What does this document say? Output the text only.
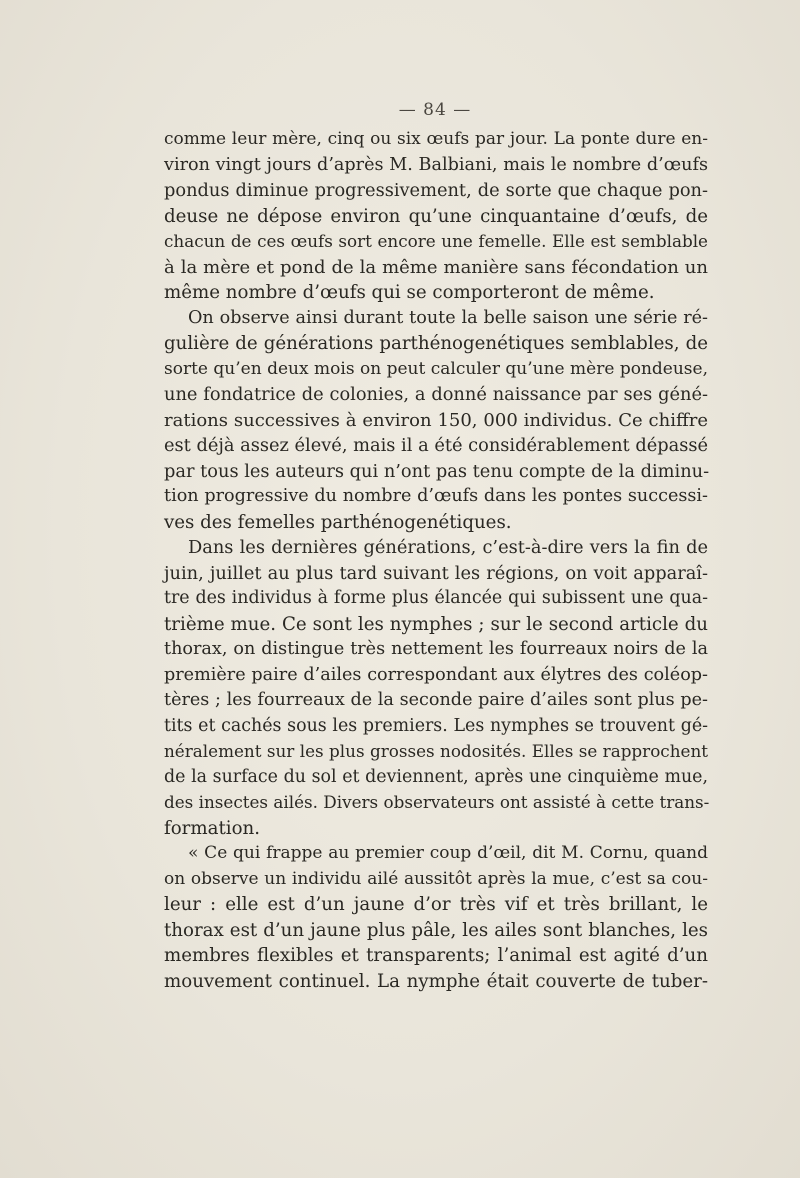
— 84 —
comme leur mère, cinq ou six œufs par jour. La ponte dure en-
viron vingt jours d’après M. Balbiani, mais le nombre d’œufs
pondus diminue progressivement, de sorte que chaque pon-
deuse ne dépose environ qu’une cinquantaine d’œufs, de
chacun de ces œufs sort encore une femelle. Elle est semblable
à la mère et pond de la même manière sans fécondation un
même nombre d’œufs qui se comporteront de même.
On observe ainsi durant toute la belle saison une série ré-
gulière de générations parthénogenétiques semblables, de
sorte qu’en deux mois on peut calculer qu’une mère pondeuse,
une fondatrice de colonies, a donné naissance par ses géné-
rations successives à environ 150, 000 individus. Ce chiffre
est déjà assez élevé, mais il a été considérablement dépassé
par tous les auteurs qui n’ont pas tenu compte de la diminu-
tion progressive du nombre d’œufs dans les pontes successi-
ves des femelles parthénogenétiques.
Dans les dernières générations, c’est-à-dire vers la fin de
juin, juillet au plus tard suivant les régions, on voit apparaî-
tre des individus à forme plus élancée qui subissent une qua-
trième mue. Ce sont les nymphes ; sur le second article du
thorax, on distingue très nettement les fourreaux noirs de la
première paire d’ailes correspondant aux élytres des coléop-
tères ; les fourreaux de la seconde paire d’ailes sont plus pe-
tits et cachés sous les premiers. Les nymphes se trouvent gé-
néralement sur les plus grosses nodosités. Elles se rapprochent
de la surface du sol et deviennent, après une cinquième mue,
des insectes ailés. Divers observateurs ont assisté à cette trans-
formation.
« Ce qui frappe au premier coup d’œil, dit M. Cornu, quand
on observe un individu ailé aussitôt après la mue, c’est sa cou-
leur : elle est d’un jaune d’or très vif et très brillant, le
thorax est d’un jaune plus pâle, les ailes sont blanches, les
membres flexibles et transparents; l’animal est agité d’un
mouvement continuel. La nymphe était couverte de tuber-
